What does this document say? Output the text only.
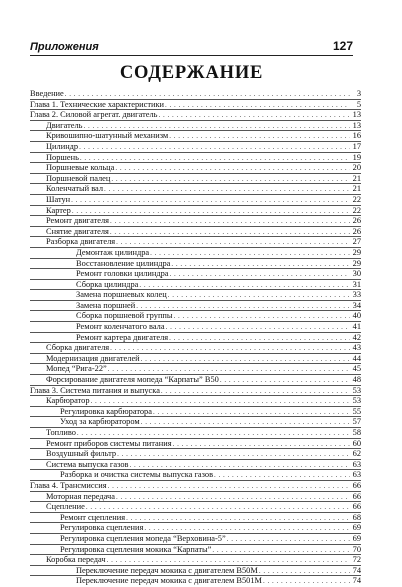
Приложения	127
СОДЕРЖАНИЕ
Введение . . .	3
Глава 1. Технические характеристики . . .	5
Глава 2. Силовой агрегат. двигатель . . .	13
Двигатель . . .	13
Кривошипно-шатунный механизм . . .	16
Цилиндр . . .	17
Поршень . . .	19
Поршневые кольца . . .	20
Поршневой палец . . .	21
Коленчатый вал . . .	21
Шатун . . .	22
Картер . . .	22
Ремонт двигателя . . .	26
Снятие двигателя . . .	26
Разборка двигателя . . .	27
Демонтаж цилиндра . . .	29
Восстановление цилиндра . . .	29
Ремонт головки цилиндра . . .	30
Сборка цилиндра . . .	31
Замена поршневых колец . . .	33
Замена поршней . . .	34
Сборка поршневой группы . . .	40
Ремонт коленчатого вала . . .	41
Ремонт картера двигателя . . .	42
Сборка двигателя . . .	43
Модернизация двигателей . . .	44
Мопед “Рига-22” . . .	45
Форсирование двигателя мопеда “Карпаты” В50 . . .	48
Глава 3. Система питания и выпуска . . .	53
Карбюратор . . .	53
Регулировка карбюратора . . .	55
Уход за карбюратором . . .	57
Топливо . . .	58
Ремонт приборов системы питания . . .	60
Воздушный фильтр . . .	62
Система выпуска газов . . .	63
Разборка и очистка системы выпуска газов . . .	63
Глава 4. Трансмиссия . . .	66
Моторная передача . . .	66
Сцепление . . .	66
Ремонт сцепления . . .	68
Регулировка сцепления . . .	69
Регулировка сцепления мопеда “Верховина-5” . . .	69
Регулировка сцепления мокика “Карпаты” . . .	70
Коробка передач . . .	72
Переключение передач мокика с двигателем В50М . . .	74
Переключение передач мокика с двигателем В501М . . .	74
